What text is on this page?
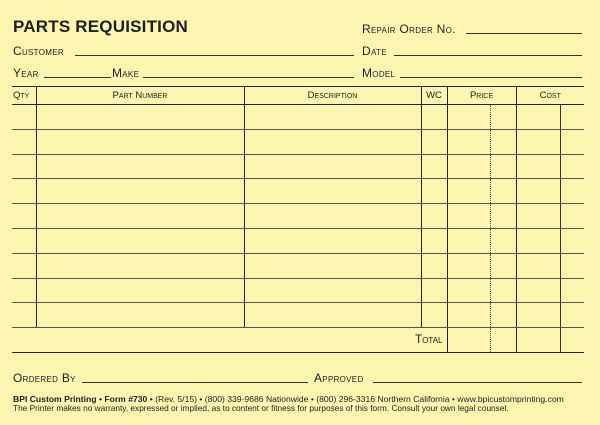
PARTS REQUISITION	Repair Order No.
Customer	Date
Year	Make	Model
Qty	Part Number	Description	WC	Price		Cost	

Total							
Ordered By	Approved
BPI Custom Printing • Form #730 • (Rev. 5/15) • (800) 339-9686 Nationwide • (800) 296-3316 Northern California • www.bpicustomprinting.com
The Printer makes no warranty, expressed or implied, as to content or fitness for purposes of this form. Consult your own legal counsel.
